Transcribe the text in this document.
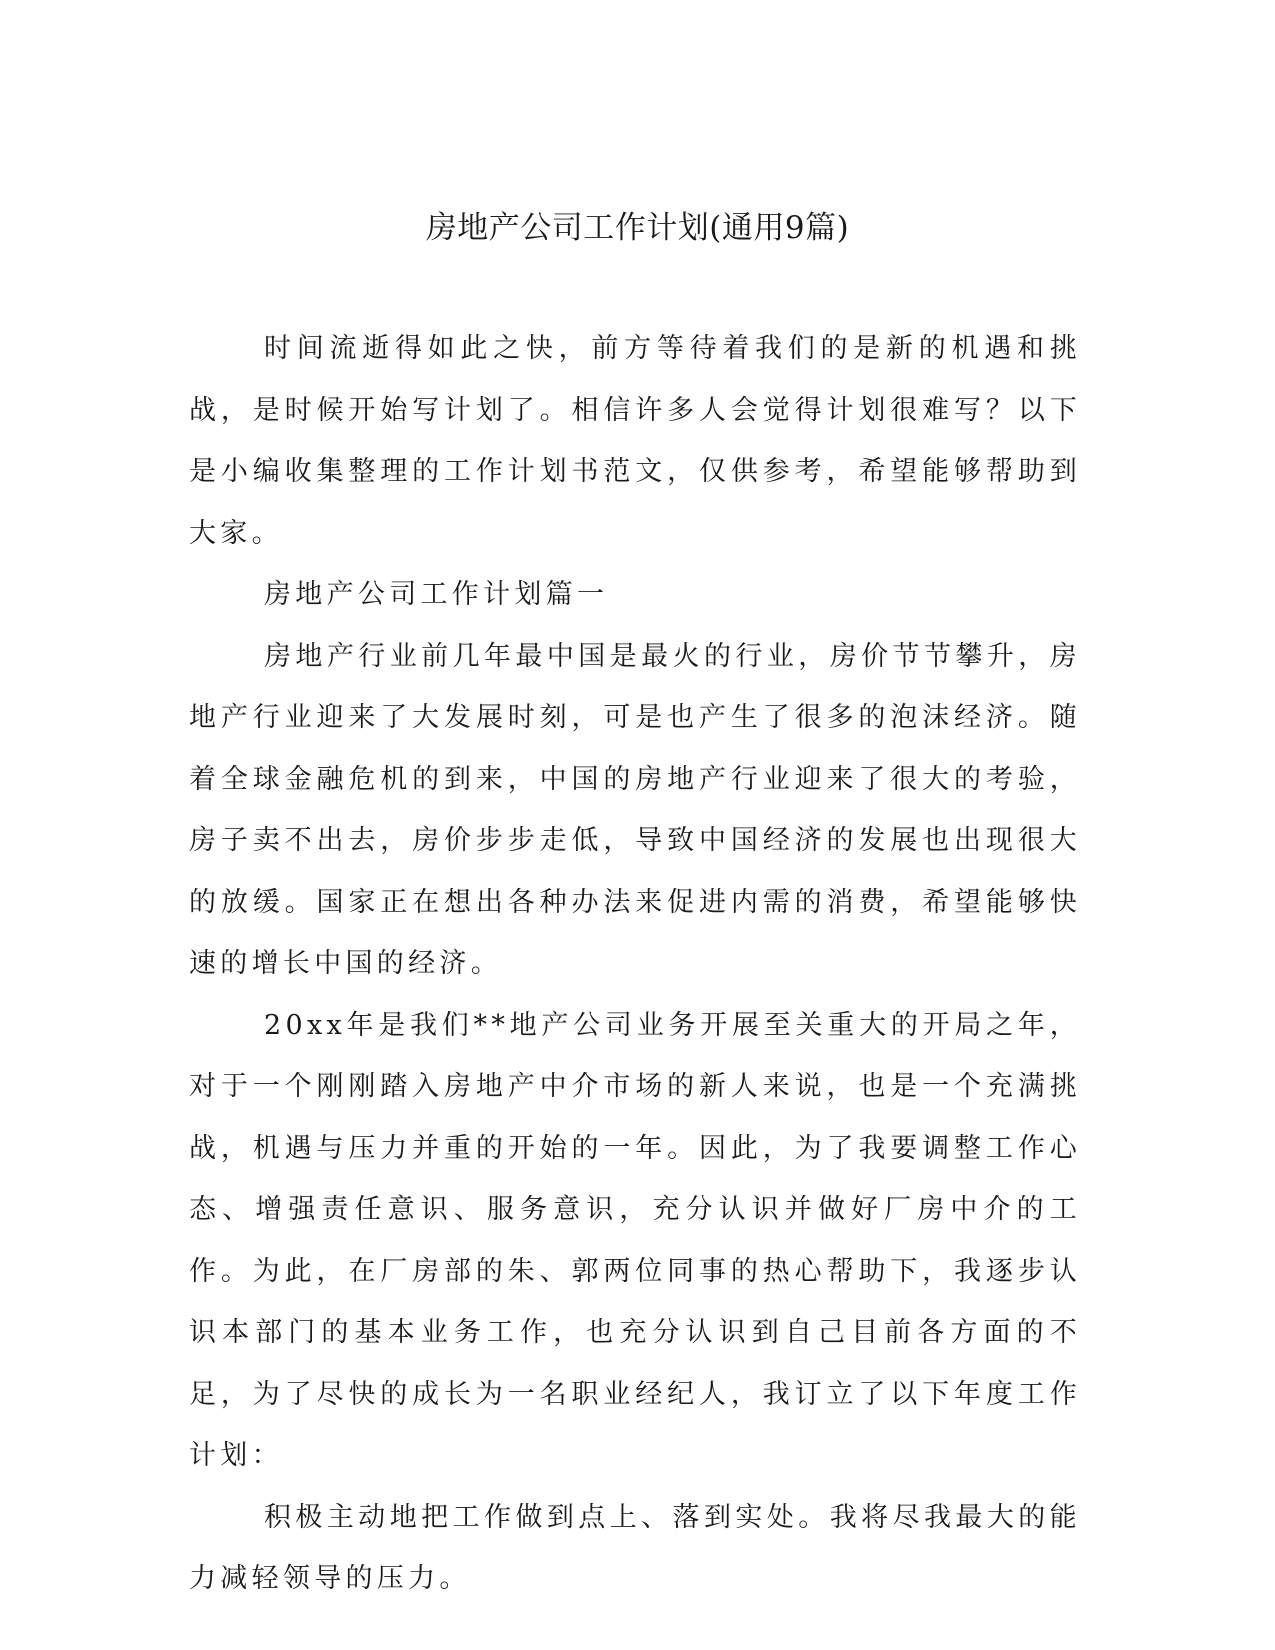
房地产公司工作计划(通用9篇)

时间流逝得如此之快，前方等待着我们的是新的机遇和挑战，是时候开始写计划了。相信许多人会觉得计划很难写？以下是小编收集整理的工作计划书范文，仅供参考，希望能够帮助到大家。

房地产公司工作计划篇一

房地产行业前几年最中国是最火的行业，房价节节攀升，房地产行业迎来了大发展时刻，可是也产生了很多的泡沫经济。随着全球金融危机的到来，中国的房地产行业迎来了很大的考验，房子卖不出去，房价步步走低，导致中国经济的发展也出现很大的放缓。国家正在想出各种办法来促进内需的消费，希望能够快速的增长中国的经济。

20xx年是我们**地产公司业务开展至关重大的开局之年，对于一个刚刚踏入房地产中介市场的新人来说，也是一个充满挑战，机遇与压力并重的开始的一年。因此，为了我要调整工作心态、增强责任意识、服务意识，充分认识并做好厂房中介的工作。为此，在厂房部的朱、郭两位同事的热心帮助下，我逐步认识本部门的基本业务工作，也充分认识到自己目前各方面的不足，为了尽快的成长为一名职业经纪人，我订立了以下年度工作计划：

积极主动地把工作做到点上、落到实处。我将尽我最大的能力减轻领导的压力。
